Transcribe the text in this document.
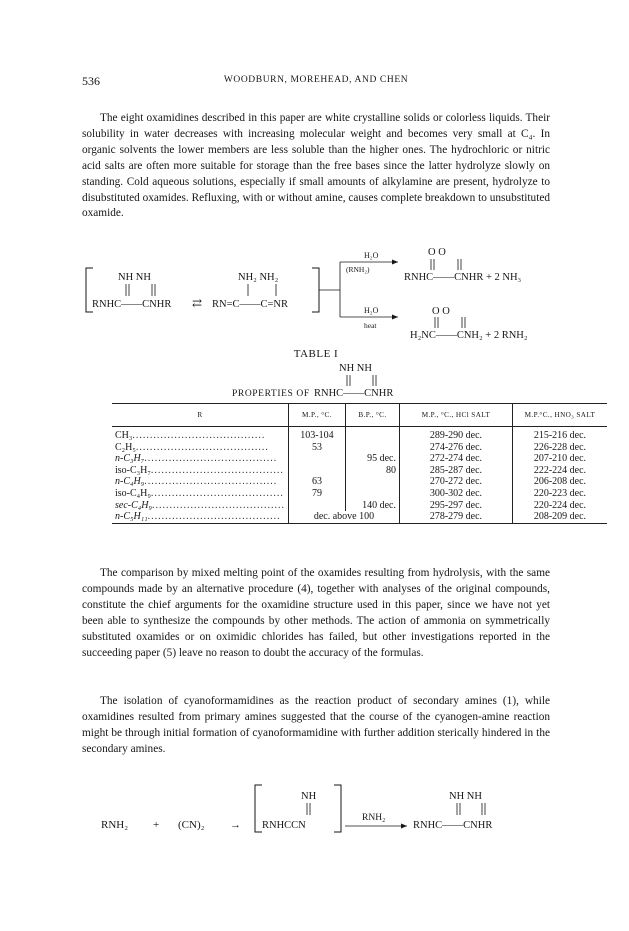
536	WOODBURN, MOREHEAD, AND CHEN

The eight oxamidines described in this paper are white crystalline solids or colorless liquids. Their solubility in water decreases with increasing molecular weight and becomes very small at C₄. In organic solvents the lower members are less soluble than the higher ones. The hydrochloric or nitric acid salts are often more suitable for storage than the free bases since the latter hydrolyze slowly on standing. Cold aqueous solutions, especially if small amounts of alkylamine are present, hydrolyze to disubstituted oxamides. Refluxing, with or without amine, causes complete breakdown to unsubstituted oxamide.

NH NH
RNHC——CNHR ⇄
NH₂ NH₂
RN=C——C=NR
H₂O
(RNH₂)
O O
RNHC——CNHR + 2 NH₃
H₂O
heat
O O
H₂NC——CNH₂ + 2 RNH₂
NH NH
PROPERTIES OF RNHC——CNHR
RNH₂ + (CN)₂ →
NH
RNHCCN
RNH₂
NH NH
RNHC——CNHR
TABLE I
R	M.P., °C.	B.P., °C.	M.P., °C., HCl SALT	M.P.°C., HNO₃ SALT
CH₃......................................	103-104		289-290 dec.	215-216 dec.
C₂H₅......................................	53		274-276 dec.	226-228 dec.
n-C₃H₇......................................		95 dec.	272-274 dec.	207-210 dec.
iso-C₃H₇......................................		80	285-287 dec.	222-224 dec.
n-C₄H₉......................................	63		270-272 dec.	206-208 dec.
iso-C₄H₉......................................	79		300-302 dec.	220-223 dec.
sec-C₄H₉......................................		140 dec.	295-297 dec.	220-224 dec.
n-C₅H₁₁......................................	dec. above 100		278-279 dec.	208-209 dec.

The comparison by mixed melting point of the oxamides resulting from hydrolysis, with the same compounds made by an alternative procedure (4), together with analyses of the original compounds, constitute the chief arguments for the oxamidine structure used in this paper, since we have not yet been able to synthesize the compounds by other methods. The action of ammonia on symmetrically substituted oxamides or on oximidic chlorides has failed, but other investigations reported in the succeeding paper (5) leave no reason to doubt the accuracy of the formulas.

The isolation of cyanoformamidines as the reaction product of secondary amines (1), while oxamidines resulted from primary amines suggested that the course of the cyanogen-amine reaction might be through initial formation of cyanoformamidine with further addition sterically hindered in the secondary amines.
